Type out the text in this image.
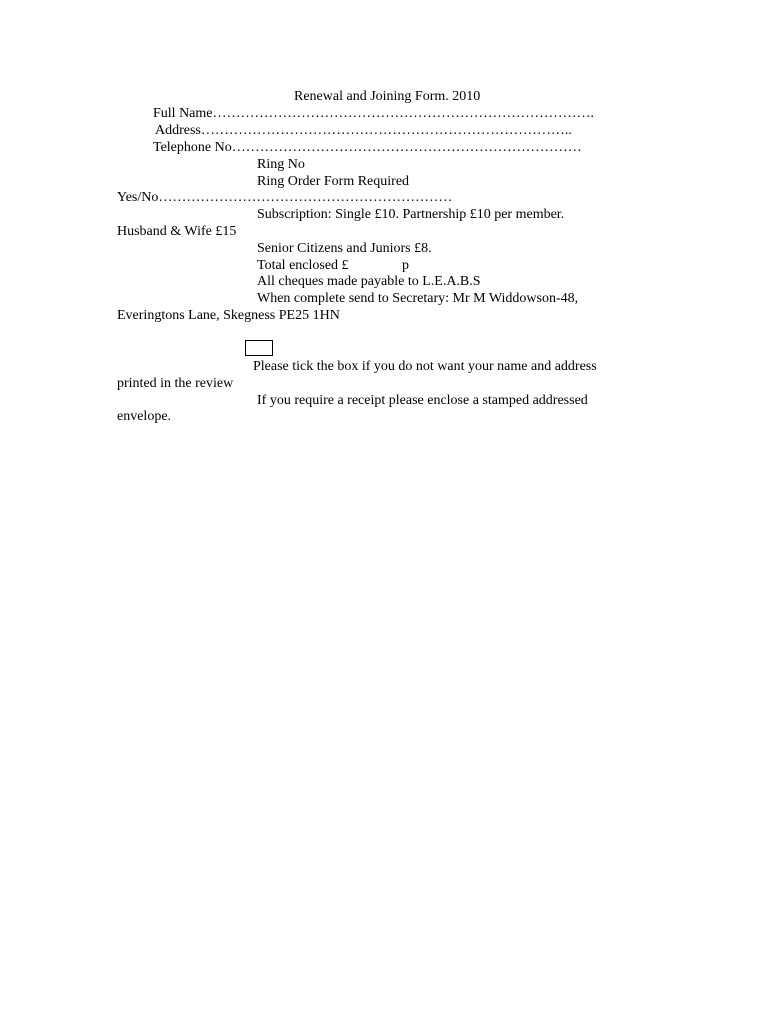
Renewal and Joining Form. 2010
Full Name……………………………………………………………………….
Address……………………………………………………………………..
Telephone No…………………………………………………………………
Ring No
Ring Order Form Required
Yes/No………………………………………………………
Subscription: Single £10. Partnership £10 per member.
Husband & Wife £15
Senior Citizens and Juniors £8.
Total enclosed £	p
All cheques made payable to L.E.A.B.S
When complete send to Secretary: Mr M Widdowson-48,
Everingtons Lane, Skegness PE25 1HN
Please tick the box if you do not want your name and address
printed in the review
If you require a receipt please enclose a stamped addressed
envelope.
